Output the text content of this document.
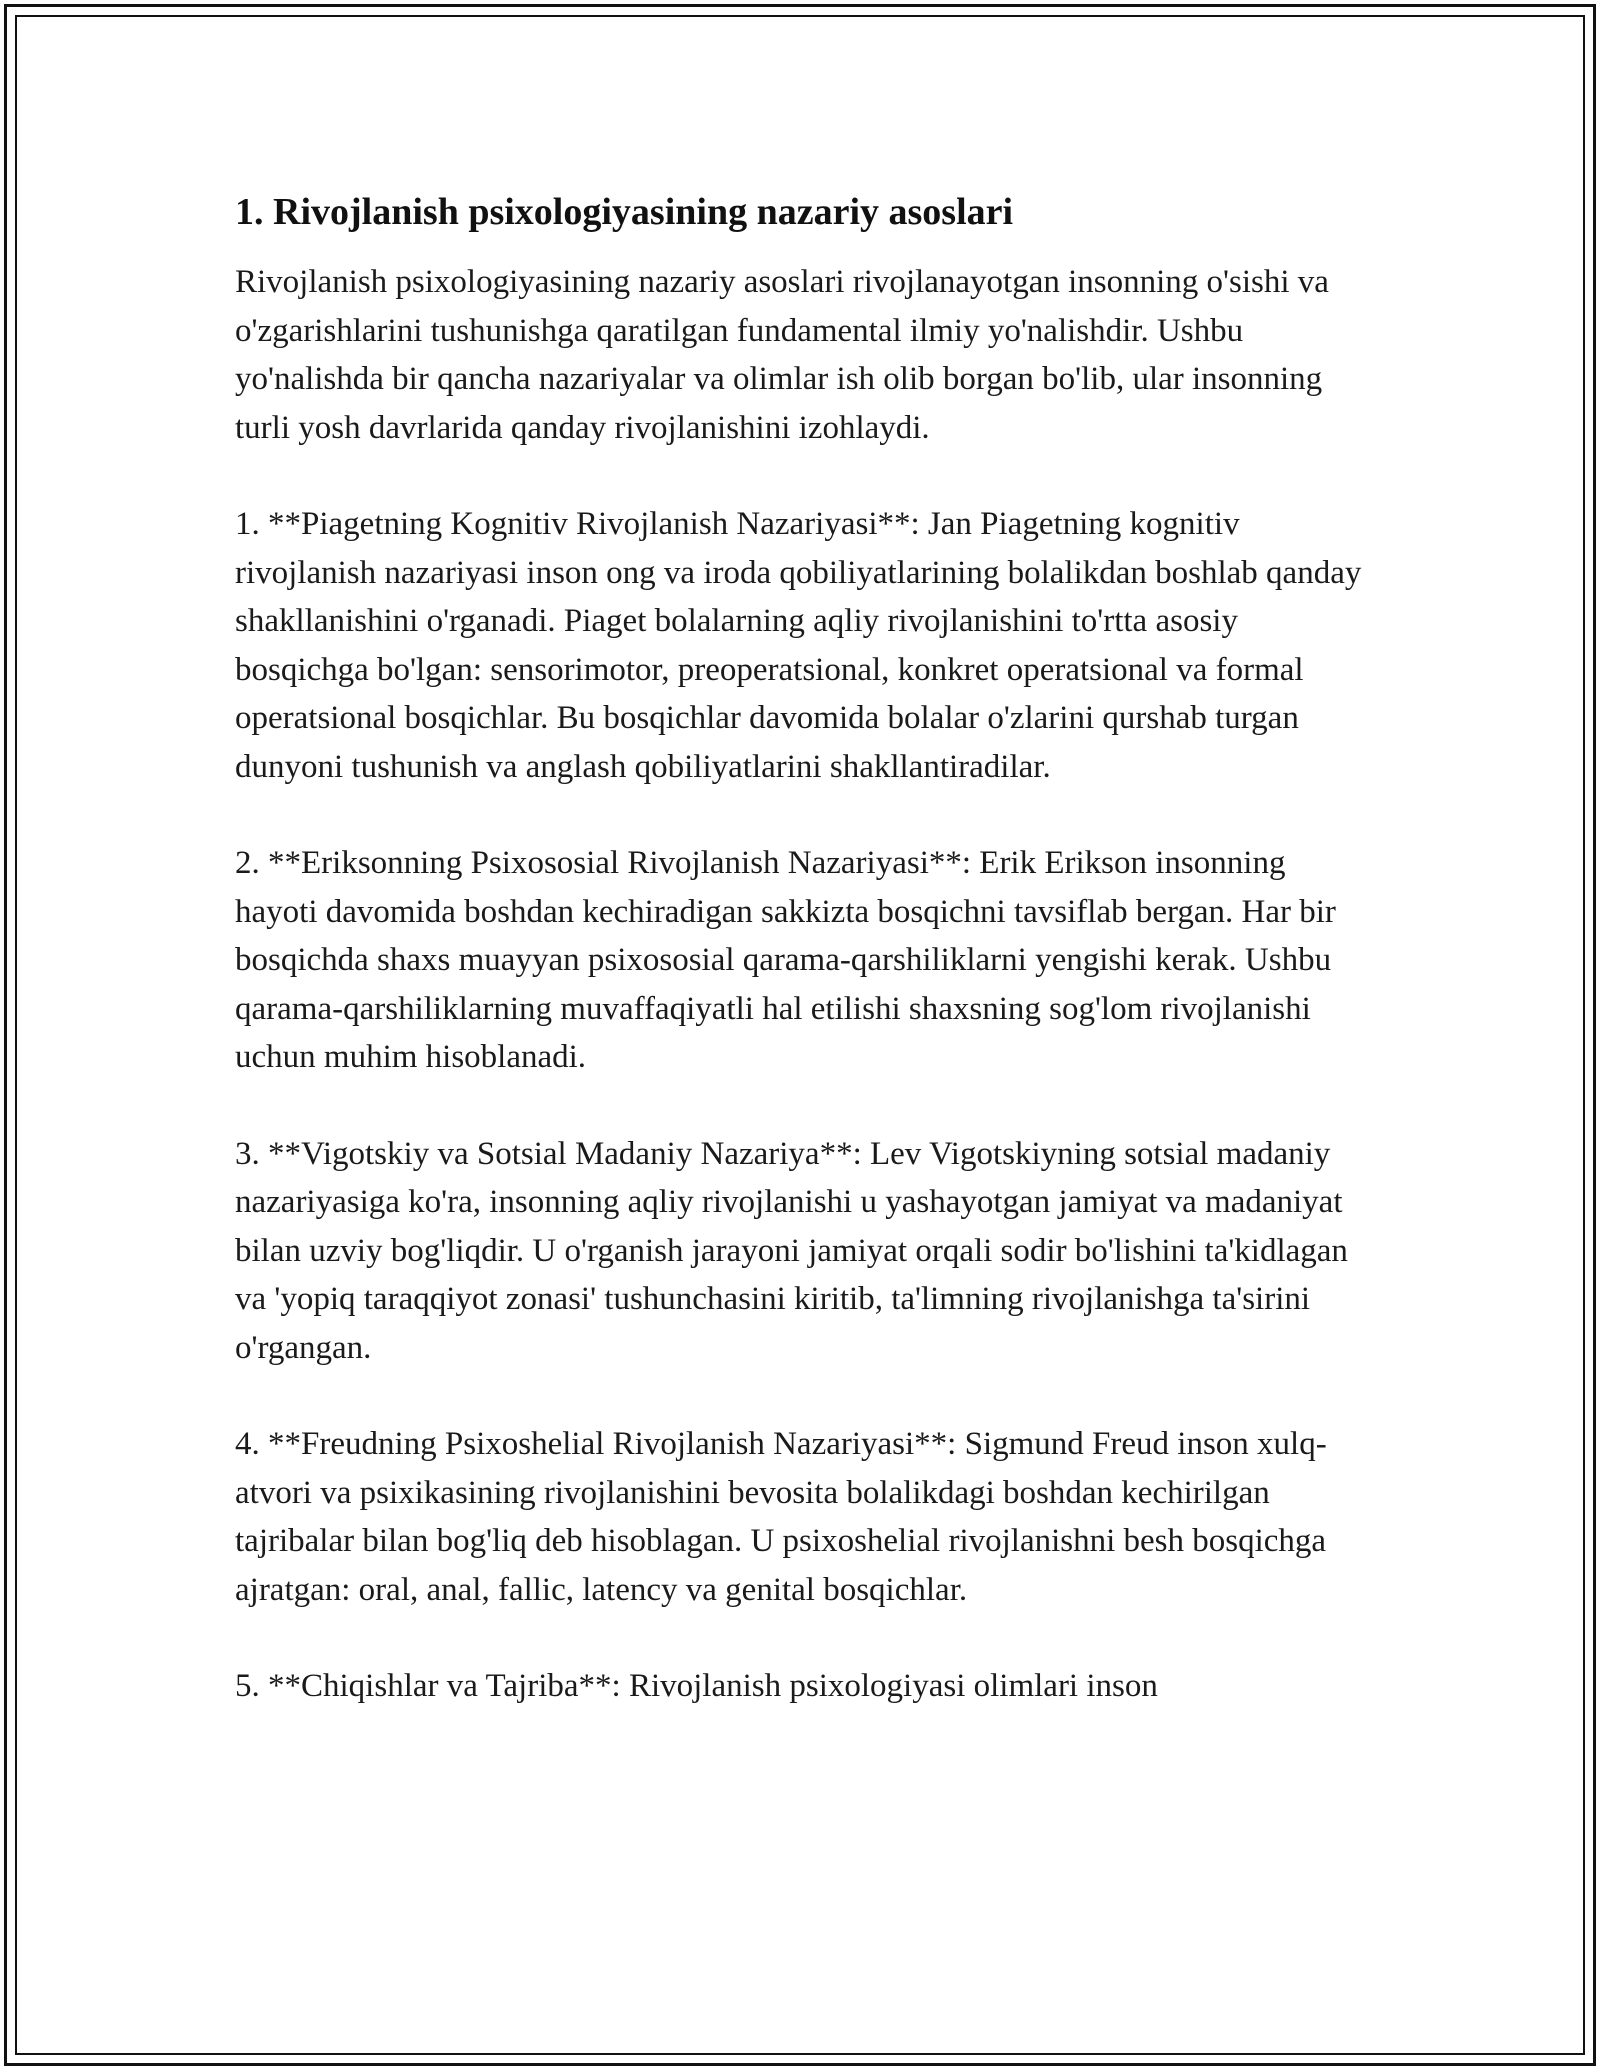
1. Rivojlanish psixologiyasining nazariy asoslari

Rivojlanish psixologiyasining nazariy asoslari rivojlanayotgan insonning o'sishi va o'zgarishlarini tushunishga qaratilgan fundamental ilmiy yo'nalishdir. Ushbu yo'nalishda bir qancha nazariyalar va olimlar ish olib borgan bo'lib, ular insonning turli yosh davrlarida qanday rivojlanishini izohlaydi.

1. **Piagetning Kognitiv Rivojlanish Nazariyasi**: Jan Piagetning kognitiv rivojlanish nazariyasi inson ong va iroda qobiliyatlarining bolalikdan boshlab qanday shakllanishini o'rganadi. Piaget bolalarning aqliy rivojlanishini to'rtta asosiy bosqichga bo'lgan: sensorimotor, preoperatsional, konkret operatsional va formal operatsional bosqichlar. Bu bosqichlar davomida bolalar o'zlarini qurshab turgan dunyoni tushunish va anglash qobiliyatlarini shakllantiradilar.

2. **Eriksonning Psixososial Rivojlanish Nazariyasi**: Erik Erikson insonning hayoti davomida boshdan kechiradigan sakkizta bosqichni tavsiflab bergan. Har bir bosqichda shaxs muayyan psixososial qarama-qarshiliklarni yengishi kerak. Ushbu qarama-qarshiliklarning muvaffaqiyatli hal etilishi shaxsning sog'lom rivojlanishi uchun muhim hisoblanadi.

3. **Vigotskiy va Sotsial Madaniy Nazariya**: Lev Vigotskiyning sotsial madaniy nazariyasiga ko'ra, insonning aqliy rivojlanishi u yashayotgan jamiyat va madaniyat bilan uzviy bog'liqdir. U o'rganish jarayoni jamiyat orqali sodir bo'lishini ta'kidlagan va 'yopiq taraqqiyot zonasi' tushunchasini kiritib, ta'limning rivojlanishga ta'sirini o'rgangan.

4. **Freudning Psixoshelial Rivojlanish Nazariyasi**: Sigmund Freud inson xulq-atvori va psixikasining rivojlanishini bevosita bolalikdagi boshdan kechirilgan tajribalar bilan bog'liq deb hisoblagan. U psixoshelial rivojlanishni besh bosqichga ajratgan: oral, anal, fallic, latency va genital bosqichlar.

5. **Chiqishlar va Tajriba**: Rivojlanish psixologiyasi olimlari inson
